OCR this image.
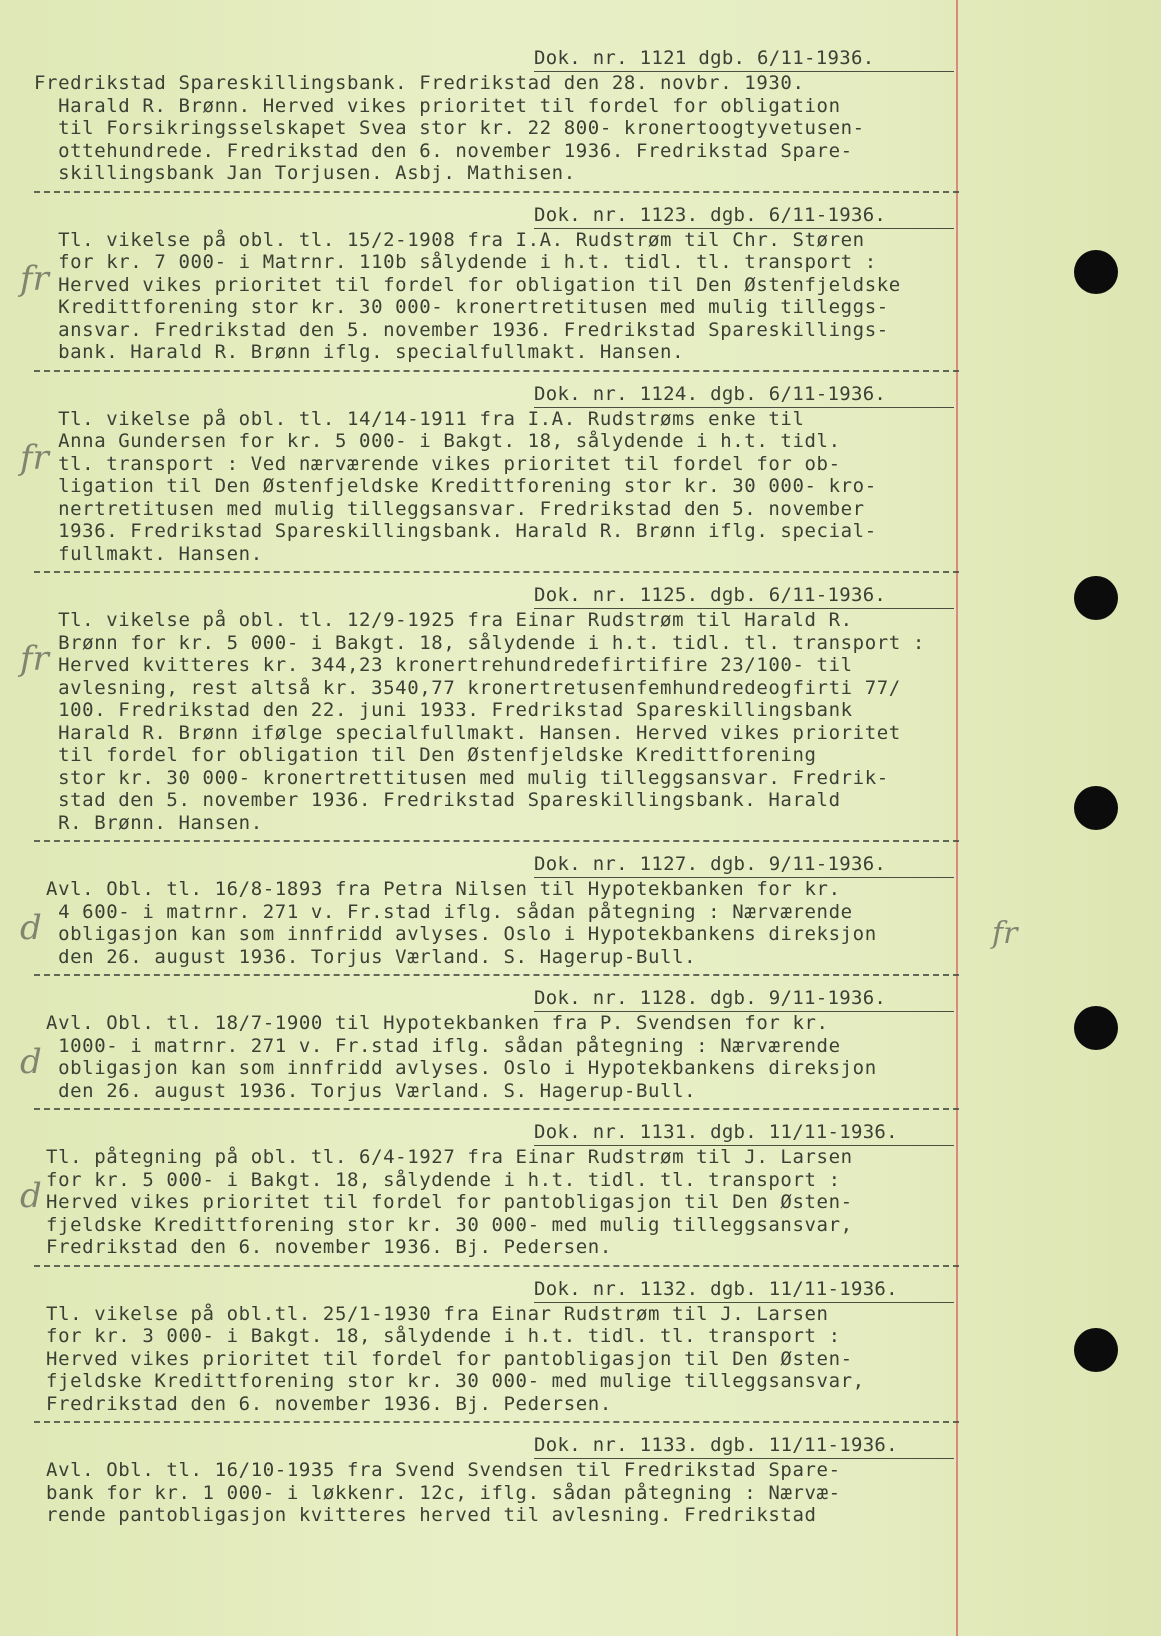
Dok. nr. 1121 dgb. 6/11-1936.
Fredrikstad Spareskillingsbank. Fredrikstad den 28. novbr. 1930.
Harald R. Brønn. Herved vikes prioritet til fordel for obligation
til Forsikringsselskapet Svea stor kr. 22 800- kronertoogtyvetusen-
ottehundrede. Fredrikstad den 6. november 1936. Fredrikstad Spare-
skillingsbank Jan Torjusen. Asbj. Mathisen.
Dok. nr. 1123. dgb. 6/11-1936.
Tl. vikelse på obl. tl. 15/2-1908 fra I.A. Rudstrøm til Chr. Støren
for kr. 7 000- i Matrnr. 110b sålydende i h.t. tidl. tl. transport :
Herved vikes prioritet til fordel for obligation til Den Østenfjeldske
Kredittforening stor kr. 30 000- kronertretitusen med mulig tilleggs-
ansvar. Fredrikstad den 5. november 1936. Fredrikstad Spareskillings-
bank. Harald R. Brønn iflg. specialfullmakt. Hansen.
fr
Dok. nr. 1124. dgb. 6/11-1936.
Tl. vikelse på obl. tl. 14/14-1911 fra I.A. Rudstrøms enke til
Anna Gundersen for kr. 5 000- i Bakgt. 18, sålydende i h.t. tidl.
tl. transport : Ved nærværende vikes prioritet til fordel for ob-
ligation til Den Østenfjeldske Kredittforening stor kr. 30 000- kro-
nertretitusen med mulig tilleggsansvar. Fredrikstad den 5. november
1936. Fredrikstad Spareskillingsbank. Harald R. Brønn iflg. special-
fullmakt. Hansen.
fr
Dok. nr. 1125. dgb. 6/11-1936.
Tl. vikelse på obl. tl. 12/9-1925 fra Einar Rudstrøm til Harald R.
Brønn for kr. 5 000- i Bakgt. 18, sålydende i h.t. tidl. tl. transport :
Herved kvitteres kr. 344,23 kronertrehundredefirtifire 23/100- til
avlesning, rest altså kr. 3540,77 kronertretusenfemhundredeogfirti 77/
100. Fredrikstad den 22. juni 1933. Fredrikstad Spareskillingsbank
Harald R. Brønn ifølge specialfullmakt. Hansen. Herved vikes prioritet
til fordel for obligation til Den Østenfjeldske Kredittforening
stor kr. 30 000- kronertrettitusen med mulig tilleggsansvar. Fredrik-
stad den 5. november 1936. Fredrikstad Spareskillingsbank. Harald
R. Brønn. Hansen.
fr
Dok. nr. 1127. dgb. 9/11-1936.
Avl. Obl. tl. 16/8-1893 fra Petra Nilsen til Hypotekbanken for kr.
4 600- i matrnr. 271 v. Fr.stad iflg. sådan påtegning : Nærværende
obligasjon kan som innfridd avlyses. Oslo i Hypotekbankens direksjon
den 26. august 1936. Torjus Værland. S. Hagerup-Bull.
d	fr
Dok. nr. 1128. dgb. 9/11-1936.
Avl. Obl. tl. 18/7-1900 til Hypotekbanken fra P. Svendsen for kr.
1000- i matrnr. 271 v. Fr.stad iflg. sådan påtegning : Nærværende
obligasjon kan som innfridd avlyses. Oslo i Hypotekbankens direksjon
den 26. august 1936. Torjus Værland. S. Hagerup-Bull.
d
Dok. nr. 1131. dgb. 11/11-1936.
Tl. påtegning på obl. tl. 6/4-1927 fra Einar Rudstrøm til J. Larsen
for kr. 5 000- i Bakgt. 18, sålydende i h.t. tidl. tl. transport :
Herved vikes prioritet til fordel for pantobligasjon til Den Østen-
fjeldske Kredittforening stor kr. 30 000- med mulig tilleggsansvar,
Fredrikstad den 6. november 1936. Bj. Pedersen.
d
Dok. nr. 1132. dgb. 11/11-1936.
Tl. vikelse på obl.tl. 25/1-1930 fra Einar Rudstrøm til J. Larsen
for kr. 3 000- i Bakgt. 18, sålydende i h.t. tidl. tl. transport :
Herved vikes prioritet til fordel for pantobligasjon til Den Østen-
fjeldske Kredittforening stor kr. 30 000- med mulige tilleggsansvar,
Fredrikstad den 6. november 1936. Bj. Pedersen.
Dok. nr. 1133. dgb. 11/11-1936.
Avl. Obl. tl. 16/10-1935 fra Svend Svendsen til Fredrikstad Spare-
bank for kr. 1 000- i løkkenr. 12c, iflg. sådan påtegning : Nærvæ-
rende pantobligasjon kvitteres herved til avlesning. Fredrikstad
